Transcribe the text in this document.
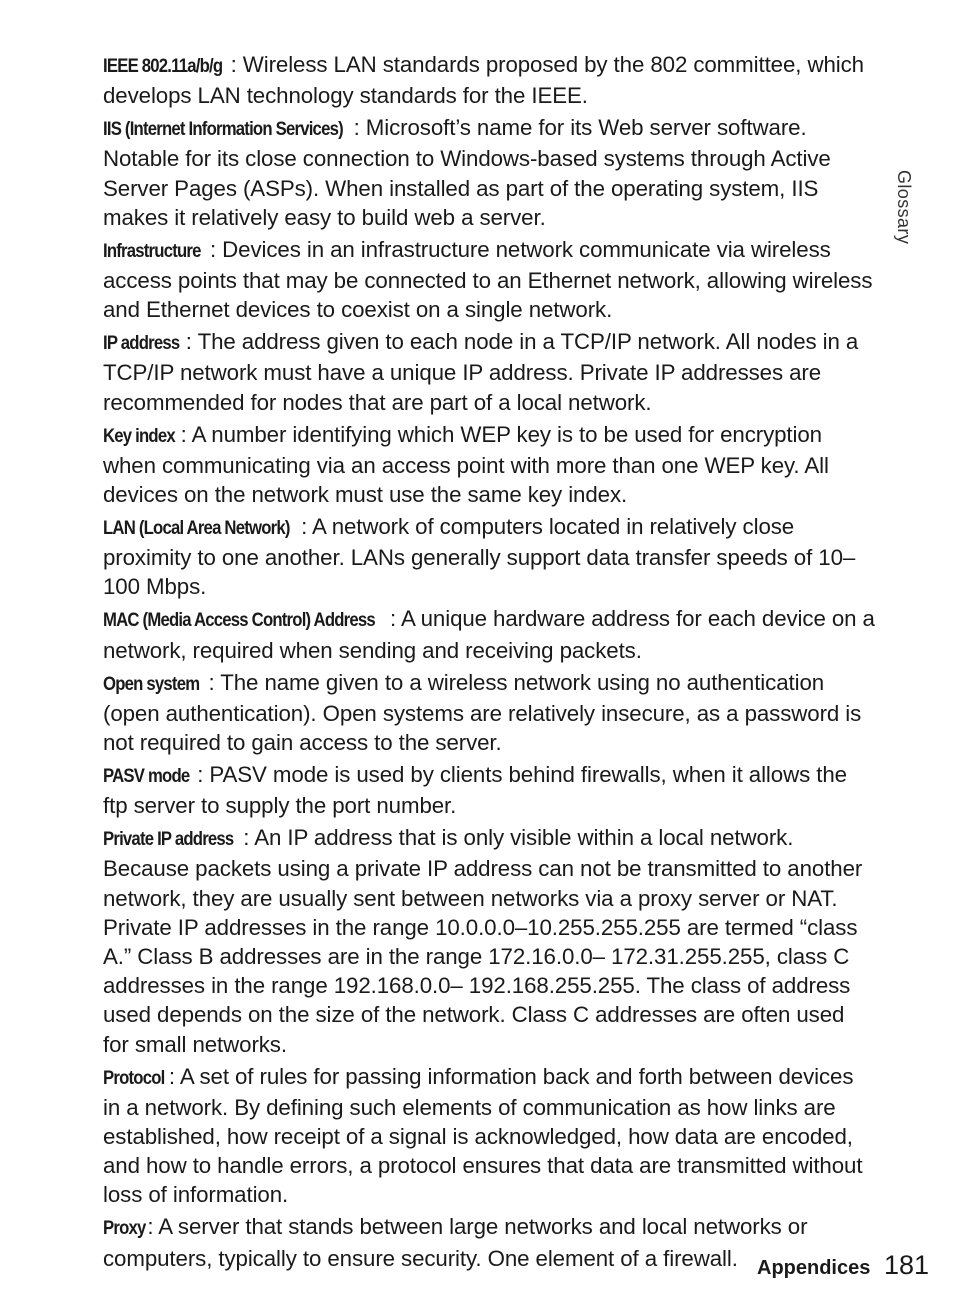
IEEE 802.11a/b/g : Wireless LAN standards proposed by the 802 committee, which develops LAN technology standards for the IEEE.

IIS (Internet Information Services) : Microsoft’s name for its Web server software. Notable for its close connection to Windows-based systems through Active Server Pages (ASPs). When installed as part of the operating system, IIS makes it relatively easy to build web a server.

Infrastructure : Devices in an infrastructure network communicate via wireless access points that may be connected to an Ethernet network, allowing wireless and Ethernet devices to coexist on a single network.

IP address : The address given to each node in a TCP/IP network. All nodes in a TCP/IP network must have a unique IP address. Private IP addresses are recommended for nodes that are part of a local network.

Key index : A number identifying which WEP key is to be used for encryption when communicating via an access point with more than one WEP key. All devices on the network must use the same key index.

LAN (Local Area Network) : A network of computers located in relatively close proximity to one another. LANs generally support data transfer speeds of 10–100 Mbps.

MAC (Media Access Control) Address : A unique hardware address for each device on a network, required when sending and receiving packets.

Open system : The name given to a wireless network using no authentication (open authentication). Open systems are relatively insecure, as a password is not required to gain access to the server.

PASV mode : PASV mode is used by clients behind firewalls, when it allows the ftp server to supply the port number.

Private IP address : An IP address that is only visible within a local network. Because packets using a private IP address can not be transmitted to another network, they are usually sent between networks via a proxy server or NAT. Private IP addresses in the range 10.0.0.0–10.255.255.255 are termed “class A.” Class B addresses are in the range 172.16.0.0– 172.31.255.255, class C addresses in the range 192.168.0.0– 192.168.255.255. The class of address used depends on the size of the network. Class C addresses are often used for small networks.

Protocol : A set of rules for passing information back and forth between devices in a network. By defining such elements of communication as how links are established, how receipt of a signal is acknowledged, how data are encoded, and how to handle errors, a protocol ensures that data are transmitted without loss of information.

Proxy: A server that stands between large networks and local networks or computers, typically to ensure security. One element of a firewall.

Glossary
Appendices 181
